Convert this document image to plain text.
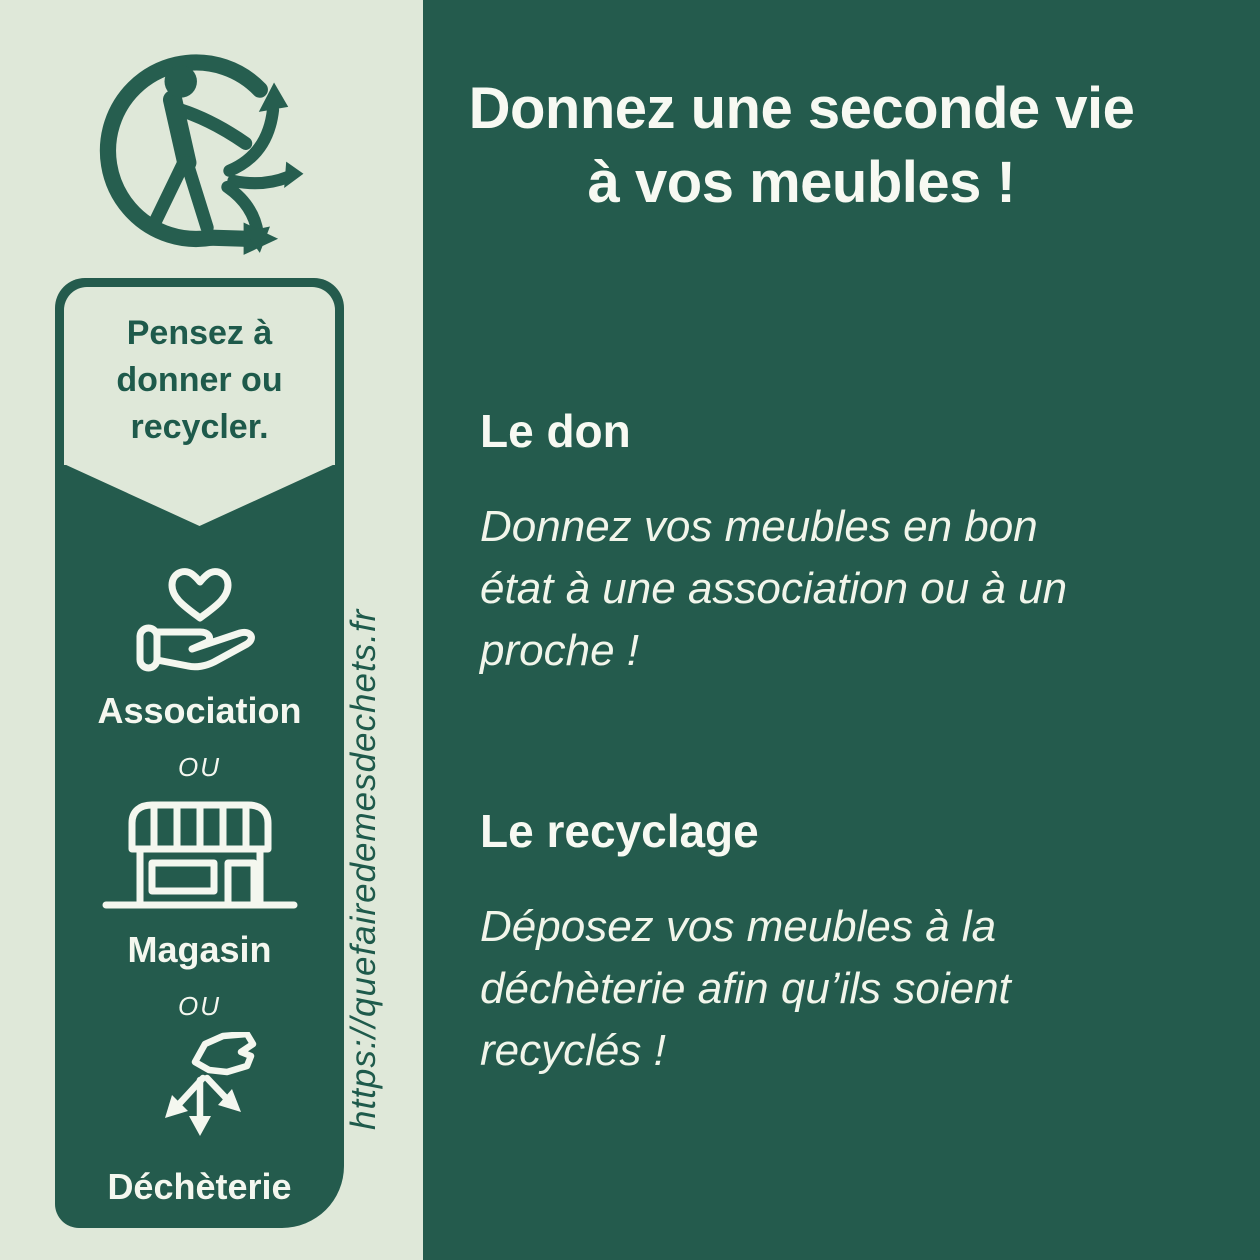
Pensez à
donner ou
recycler.
Association
OU
Magasin
OU
Déchèterie
https://quefairedemesdechets.fr
Donnez une seconde vie
à vos meubles !
Le don
Donnez vos meubles en bon
état à une association ou à un
proche !
Le recyclage
Déposez vos meubles à la
déchèterie afin qu’ils soient
recyclés !
